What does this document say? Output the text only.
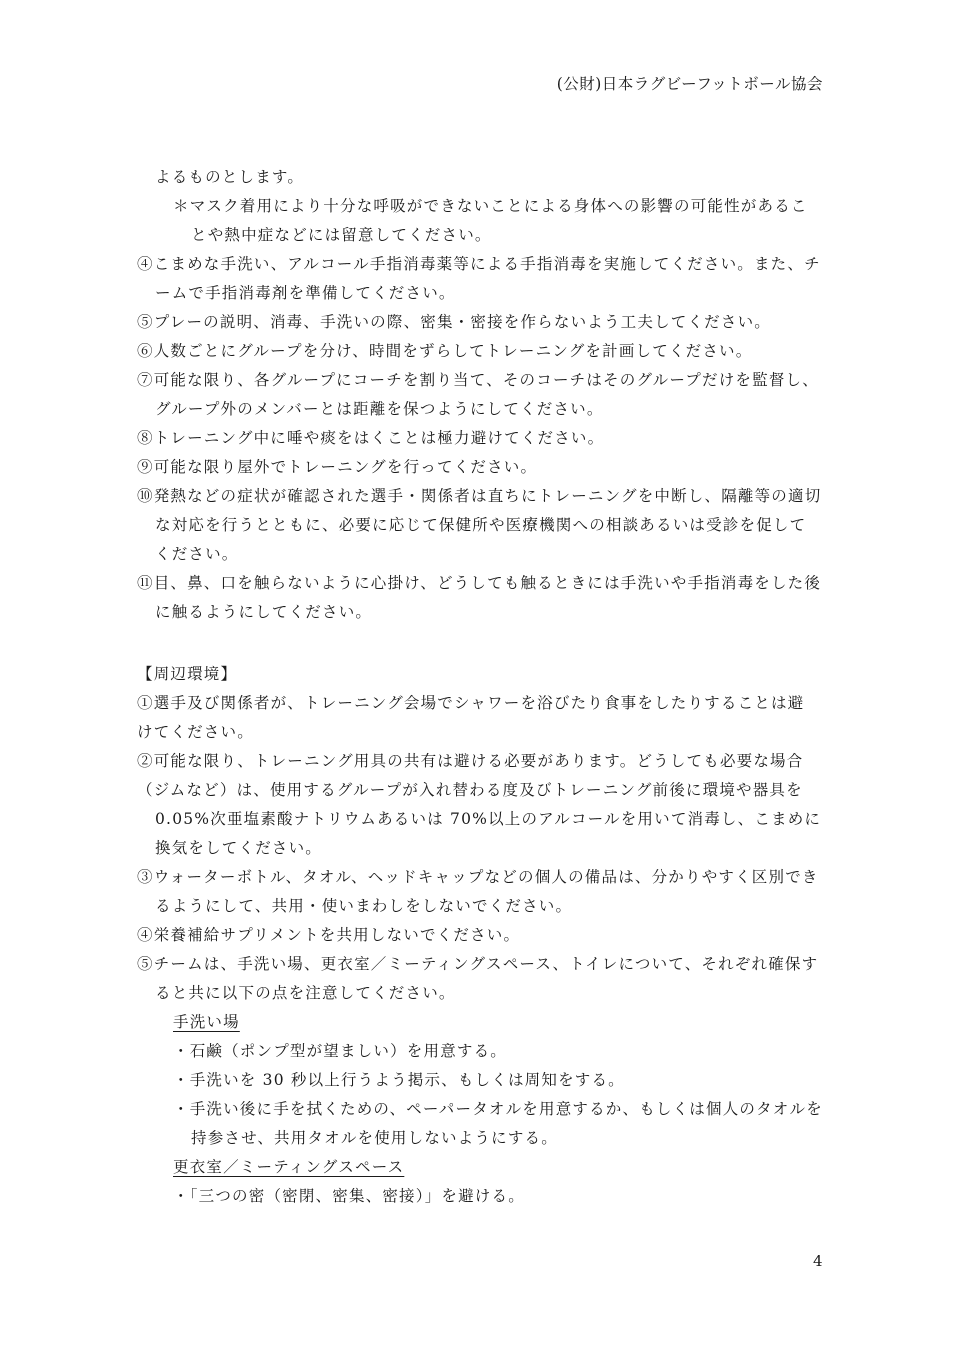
(公財)日本ラグビーフットボール協会
よるものとします。
＊マスク着用により十分な呼吸ができないことによる身体への影響の可能性があるこ
とや熱中症などには留意してください。
④こまめな手洗い、アルコール手指消毒薬等による手指消毒を実施してください。また、チ
ームで手指消毒剤を準備してください。
⑤プレーの説明、消毒、手洗いの際、密集・密接を作らないよう工夫してください。
⑥人数ごとにグループを分け、時間をずらしてトレーニングを計画してください。
⑦可能な限り、各グループにコーチを割り当て、そのコーチはそのグループだけを監督し、
グループ外のメンバーとは距離を保つようにしてください。
⑧トレーニング中に唾や痰をはくことは極力避けてください。
⑨可能な限り屋外でトレーニングを行ってください。
⑩発熱などの症状が確認された選手・関係者は直ちにトレーニングを中断し、隔離等の適切
な対応を行うとともに、必要に応じて保健所や医療機関への相談あるいは受診を促して
ください。
⑪目、鼻、口を触らないように心掛け、どうしても触るときには手洗いや手指消毒をした後
に触るようにしてください。
【周辺環境】
①選手及び関係者が、トレーニング会場でシャワーを浴びたり食事をしたりすることは避
けてください。
②可能な限り、トレーニング用具の共有は避ける必要があります。どうしても必要な場合
（ジムなど）は、使用するグループが入れ替わる度及びトレーニング前後に環境や器具を
0.05%次亜塩素酸ナトリウムあるいは 70%以上のアルコールを用いて消毒し、こまめに
換気をしてください。
③ウォーターボトル、タオル、ヘッドキャップなどの個人の備品は、分かりやすく区別でき
るようにして、共用・使いまわしをしないでください。
④栄養補給サプリメントを共用しないでください。
⑤チームは、手洗い場、更衣室／ミーティングスペース、トイレについて、それぞれ確保す
ると共に以下の点を注意してください。
手洗い場
・石鹸（ポンプ型が望ましい）を用意する。
・手洗いを 30 秒以上行うよう掲示、もしくは周知をする。
・手洗い後に手を拭くための、ペーパータオルを用意するか、もしくは個人のタオルを
持参させ、共用タオルを使用しないようにする。
更衣室／ミーティングスペース
・「三つの密（密閉、密集、密接）」を避ける。
4
